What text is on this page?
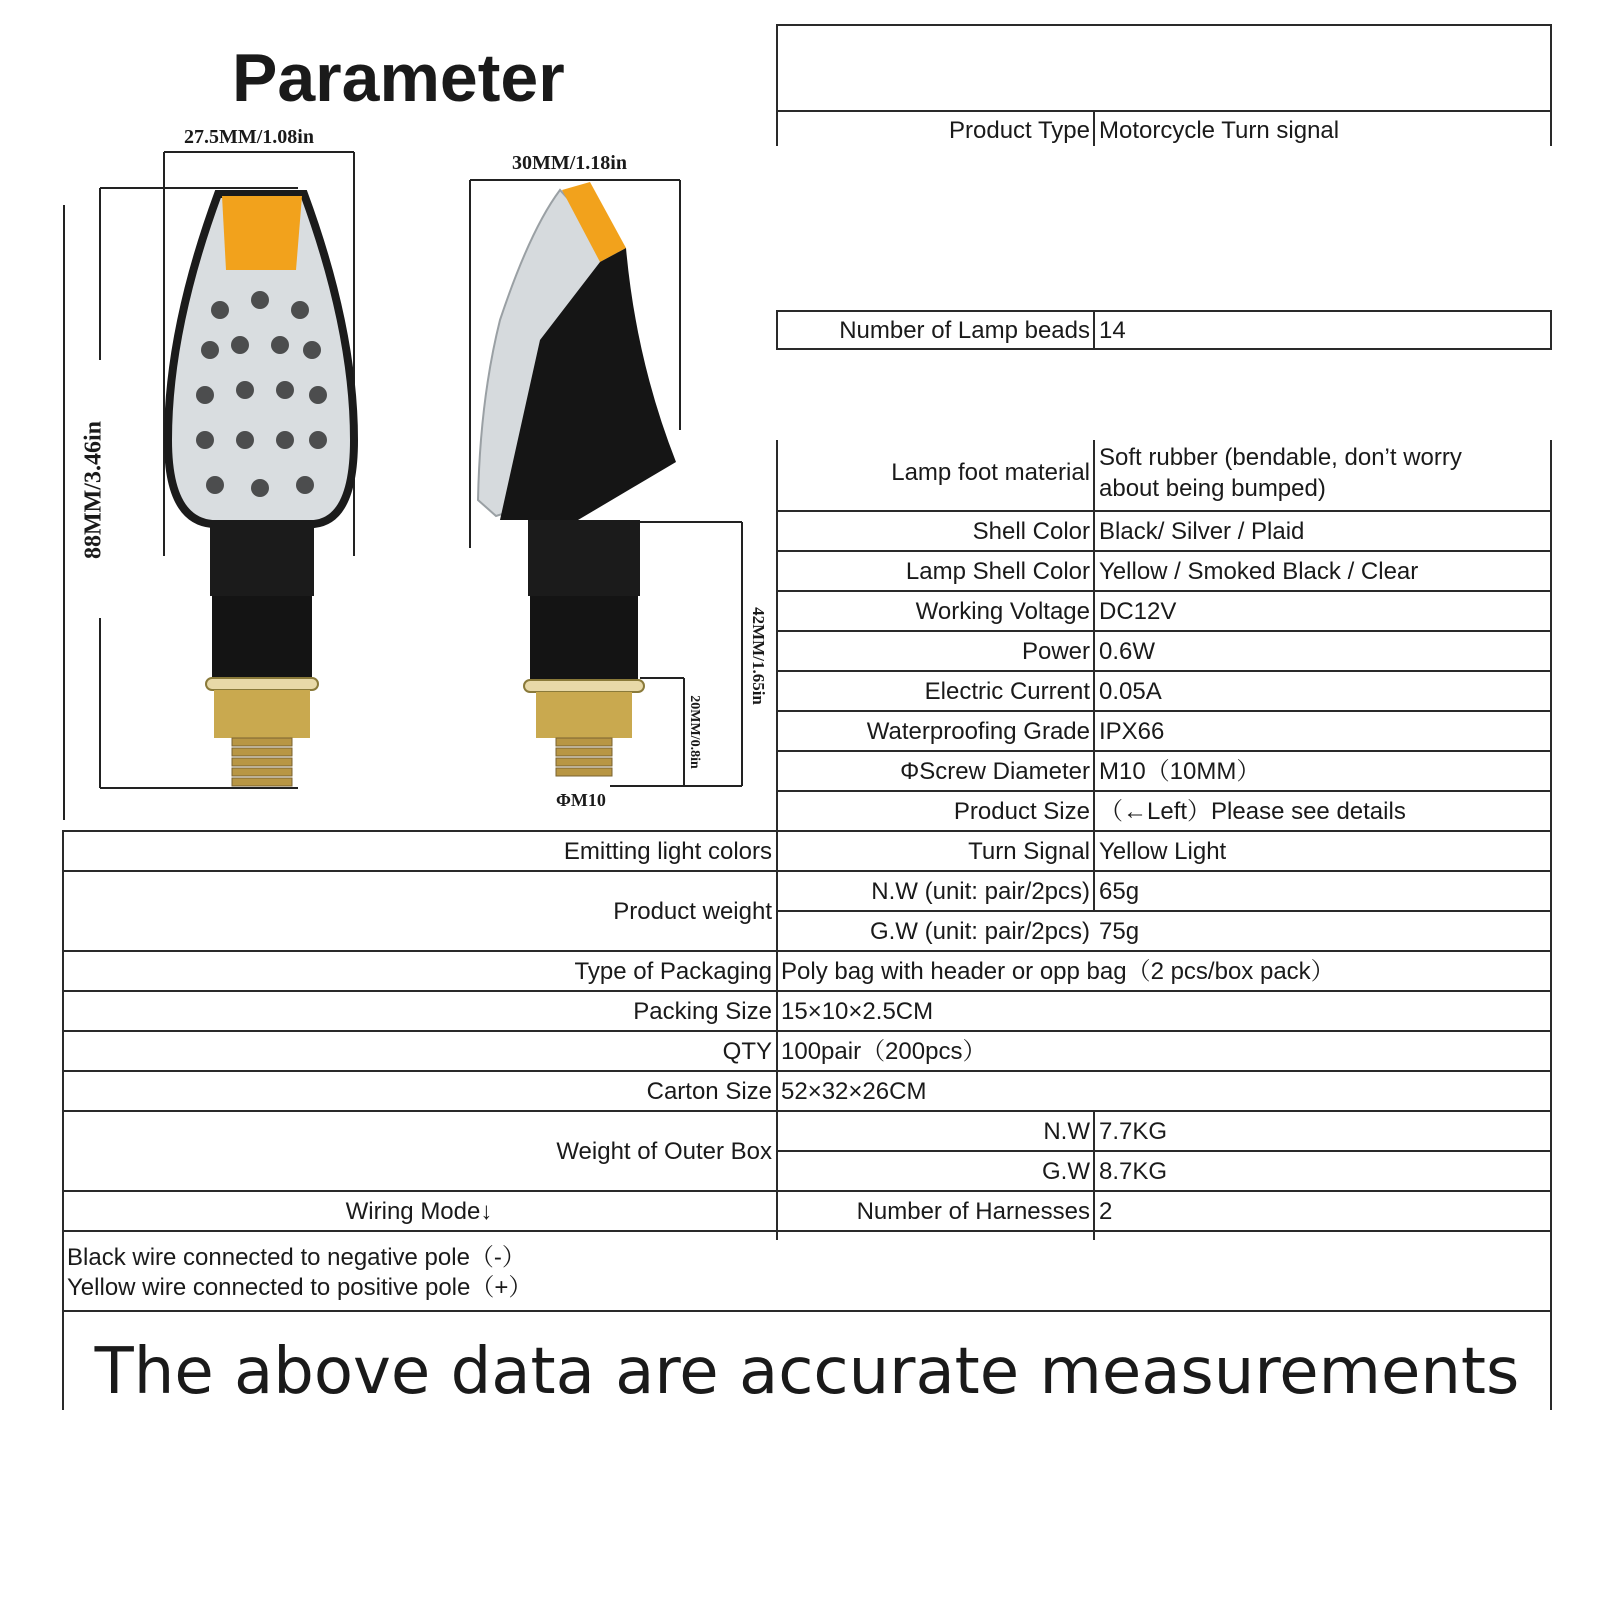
Parameter
27.5MM/1.08in
30MM/1.18in
88MM/3.46in
42MM/1.65in
20MM/0.8in
ΦM10
Product Type Motorcycle Turn signal
Number of Lamp beads 14
Lamp foot material
Soft rubber (bendable, don’t worry
about being bumped)
Shell Color Black/ Silver / Plaid
Lamp Shell Color Yellow / Smoked Black / Clear
Working Voltage DC12V
Power 0.6W
Electric Current 0.05A
Waterproofing Grade IPX66
ΦScrew Diameter M10（10MM）
Product Size （←Left）Please see details
Emitting light colors	Turn Signal Yellow Light
Product weight
N.W (unit: pair/2pcs) 65g
G.W (unit: pair/2pcs) 75g
Type of Packaging Poly bag with header or opp bag（2 pcs/box pack）
Packing Size 15×10×2.5CM
QTY 100pair（200pcs）
Carton Size 52×32×26CM
Weight of Outer Box
N.W 7.7KG
G.W 8.7KG
Wiring Mode↓	Number of Harnesses 2
Black wire connected to negative pole（-）
Yellow wire connected to positive pole（+）
The above data are accurate measurements
